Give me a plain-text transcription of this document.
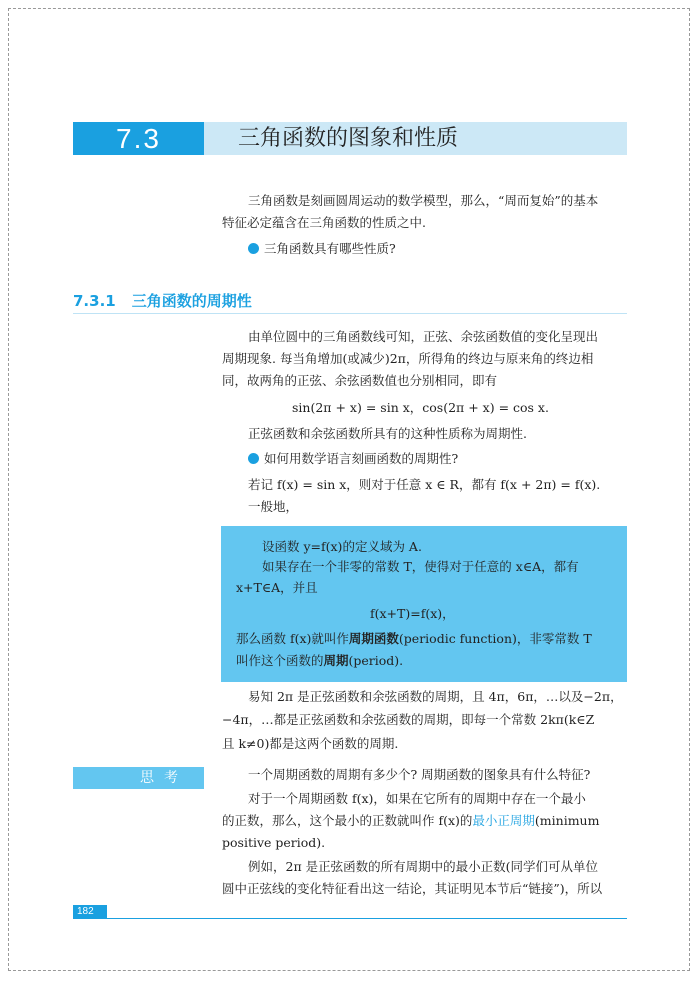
7.3	三角函数的图象和性质
三角函数是刻画圆周运动的数学模型，那么，“周而复始”的基本
特征必定蕴含在三角函数的性质之中.
三角函数具有哪些性质?
7.3.1 三角函数的周期性
由单位圆中的三角函数线可知，正弦、余弦函数值的变化呈现出
周期现象. 每当角增加(或减少)2π，所得角的终边与原来角的终边相
同，故两角的正弦、余弦函数值也分别相同，即有
sin(2π + x) = sin x，cos(2π + x) = cos x.
正弦函数和余弦函数所具有的这种性质称为周期性.
如何用数学语言刻画函数的周期性?
若记 f(x) = sin x，则对于任意 x ∈ R，都有 f(x + 2π) = f(x).
一般地，
设函数 y=f(x)的定义域为 A.
如果存在一个非零的常数 T，使得对于任意的 x∈A，都有
x+T∈A，并且
f(x+T)=f(x)，
那么函数 f(x)就叫作周期函数(periodic function)，非零常数 T
叫作这个函数的周期(period).
易知 2π 是正弦函数和余弦函数的周期，且 4π，6π，…以及−2π，
−4π，…都是正弦函数和余弦函数的周期，即每一个常数 2kπ(k∈Z
且 k≠0)都是这两个函数的周期.
思考	一个周期函数的周期有多少个? 周期函数的图象具有什么特征?
对于一个周期函数 f(x)，如果在它所有的周期中存在一个最小
的正数，那么，这个最小的正数就叫作 f(x)的最小正周期(minimum
positive period).
例如，2π 是正弦函数的所有周期中的最小正数(同学们可从单位
圆中正弦线的变化特征看出这一结论，其证明见本节后“链接”)，所以
182
